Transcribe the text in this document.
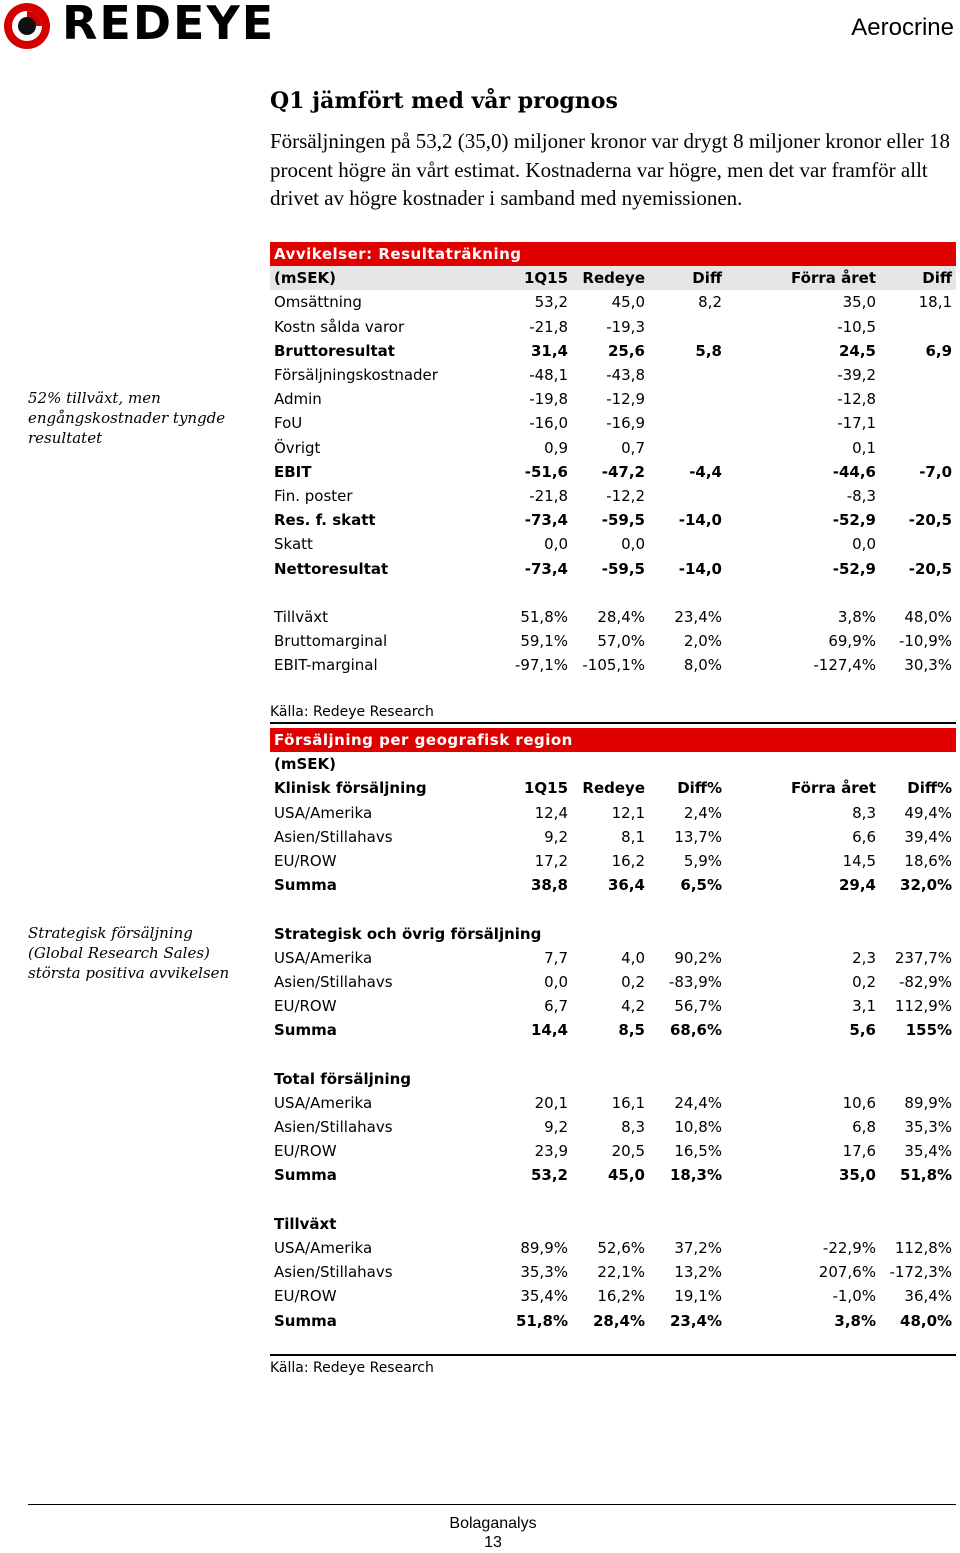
REDEYE	Aerocrine
Q1 jämfört med vår prognos
Försäljningen på 53,2 (35,0) miljoner kronor var drygt 8 miljoner kronor eller 18 procent högre än vårt estimat. Kostnaderna var högre, men det var framför allt drivet av högre kostnader i samband med nyemissionen.
52% tillväxt, men engångskostnader tyngde resultatet
Strategisk försäljning (Global Research Sales) största positiva avvikelsen
Avvikelser: Resultaträkning					
(mSEK)	1Q15	Redeye	Diff	Förra året	Diff
Omsättning	53,2	45,0	8,2	35,0	18,1
Kostn sålda varor	-21,8	-19,3		-10,5	
Bruttoresultat	31,4	25,6	5,8	24,5	6,9
Försäljningskostnader	-48,1	-43,8		-39,2	
Admin	-19,8	-12,9		-12,8	
FoU	-16,0	-16,9		-17,1	
Övrigt	0,9	0,7		0,1	
EBIT	-51,6	-47,2	-4,4	-44,6	-7,0
Fin. poster	-21,8	-12,2		-8,3	
Res. f. skatt	-73,4	-59,5	-14,0	-52,9	-20,5
Skatt	0,0	0,0		0,0	
Nettoresultat	-73,4	-59,5	-14,0	-52,9	-20,5

Tillväxt	51,8%	28,4%	23,4%	3,8%	48,0%
Bruttomarginal	59,1%	57,0%	2,0%	69,9%	-10,9%
EBIT-marginal	-97,1%	-105,1%	8,0%	-127,4%	30,3%
Källa: Redeye Research
Försäljning per geografisk region					
(mSEK)					
Klinisk försäljning	1Q15	Redeye	Diff%	Förra året	Diff%
USA/Amerika	12,4	12,1	2,4%	8,3	49,4%
Asien/Stillahavs	9,2	8,1	13,7%	6,6	39,4%
EU/ROW	17,2	16,2	5,9%	14,5	18,6%
Summa	38,8	36,4	6,5%	29,4	32,0%

Strategisk och övrig försäljning					
USA/Amerika	7,7	4,0	90,2%	2,3	237,7%
Asien/Stillahavs	0,0	0,2	-83,9%	0,2	-82,9%
EU/ROW	6,7	4,2	56,7%	3,1	112,9%
Summa	14,4	8,5	68,6%	5,6	155%

Total försäljning					
USA/Amerika	20,1	16,1	24,4%	10,6	89,9%
Asien/Stillahavs	9,2	8,3	10,8%	6,8	35,3%
EU/ROW	23,9	20,5	16,5%	17,6	35,4%
Summa	53,2	45,0	18,3%	35,0	51,8%

Tillväxt					
USA/Amerika	89,9%	52,6%	37,2%	-22,9%	112,8%
Asien/Stillahavs	35,3%	22,1%	13,2%	207,6%	-172,3%
EU/ROW	35,4%	16,2%	19,1%	-1,0%	36,4%
Summa	51,8%	28,4%	23,4%	3,8%	48,0%
Källa: Redeye Research
Bolaganalys
13
